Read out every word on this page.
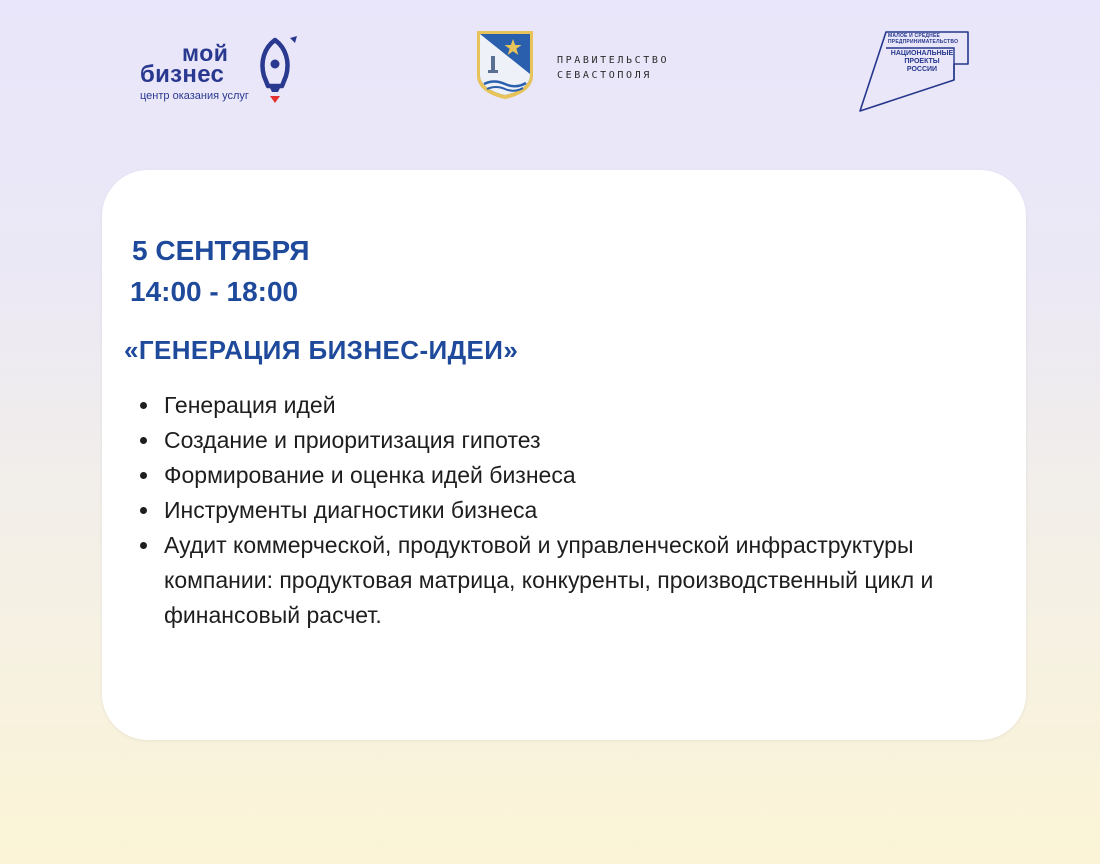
мой
бизнес
центр оказания услуг
ПРАВИТЕЛЬСТВО
СЕВАСТОПОЛЯ
МАЛОЕ И СРЕДНЕЕ
ПРЕДПРИНИМАТЕЛЬСТВО
НАЦИОНАЛЬНЫЕ
ПРОЕКТЫ
РОССИИ
5 СЕНТЯБРЯ
14:00 - 18:00
«ГЕНЕРАЦИЯ БИЗНЕС-ИДЕИ»
Генерация идей
Создание и приоритизация гипотез
Формирование и оценка идей бизнеса
Инструменты диагностики бизнеса
Аудит коммерческой, продуктовой и управленческой инфраструктуры компании: продуктовая матрица, конкуренты, производственный цикл и финансовый расчет.
